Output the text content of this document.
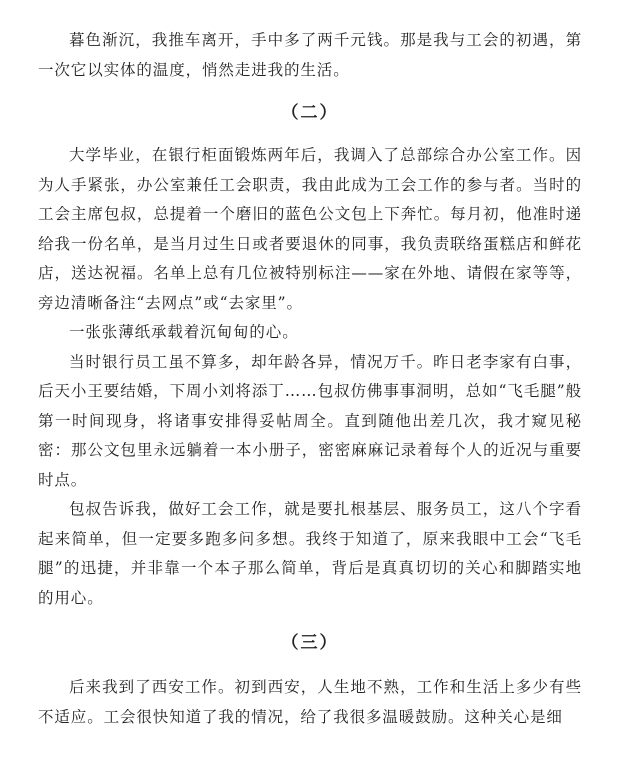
暮色渐沉，我推车离开，手中多了两千元钱。那是我与工会的初遇，第一次它以实体的温度，悄然走进我的生活。

（二）

大学毕业，在银行柜面锻炼两年后，我调入了总部综合办公室工作。因为人手紧张，办公室兼任工会职责，我由此成为工会工作的参与者。当时的工会主席包叔，总提着一个磨旧的蓝色公文包上下奔忙。每月初，他准时递给我一份名单，是当月过生日或者要退休的同事，我负责联络蛋糕店和鲜花店，送达祝福。名单上总有几位被特别标注——家在外地、请假在家等等，旁边清晰备注“去网点”或“去家里”。

一张张薄纸承载着沉甸甸的心。

当时银行员工虽不算多，却年龄各异，情况万千。昨日老李家有白事，后天小王要结婚，下周小刘将添丁……包叔仿佛事事洞明，总如“飞毛腿”般第一时间现身，将诸事安排得妥帖周全。直到随他出差几次，我才窥见秘密：那公文包里永远躺着一本小册子，密密麻麻记录着每个人的近况与重要时点。

包叔告诉我，做好工会工作，就是要扎根基层、服务员工，这八个字看起来简单，但一定要多跑多问多想。我终于知道了，原来我眼中工会“飞毛腿”的迅捷，并非靠一个本子那么简单，背后是真真切切的关心和脚踏实地的用心。

（三）

后来我到了西安工作。初到西安，人生地不熟，工作和生活上多少有些不适应。工会很快知道了我的情况，给了我很多温暖鼓励。这种关心是细
